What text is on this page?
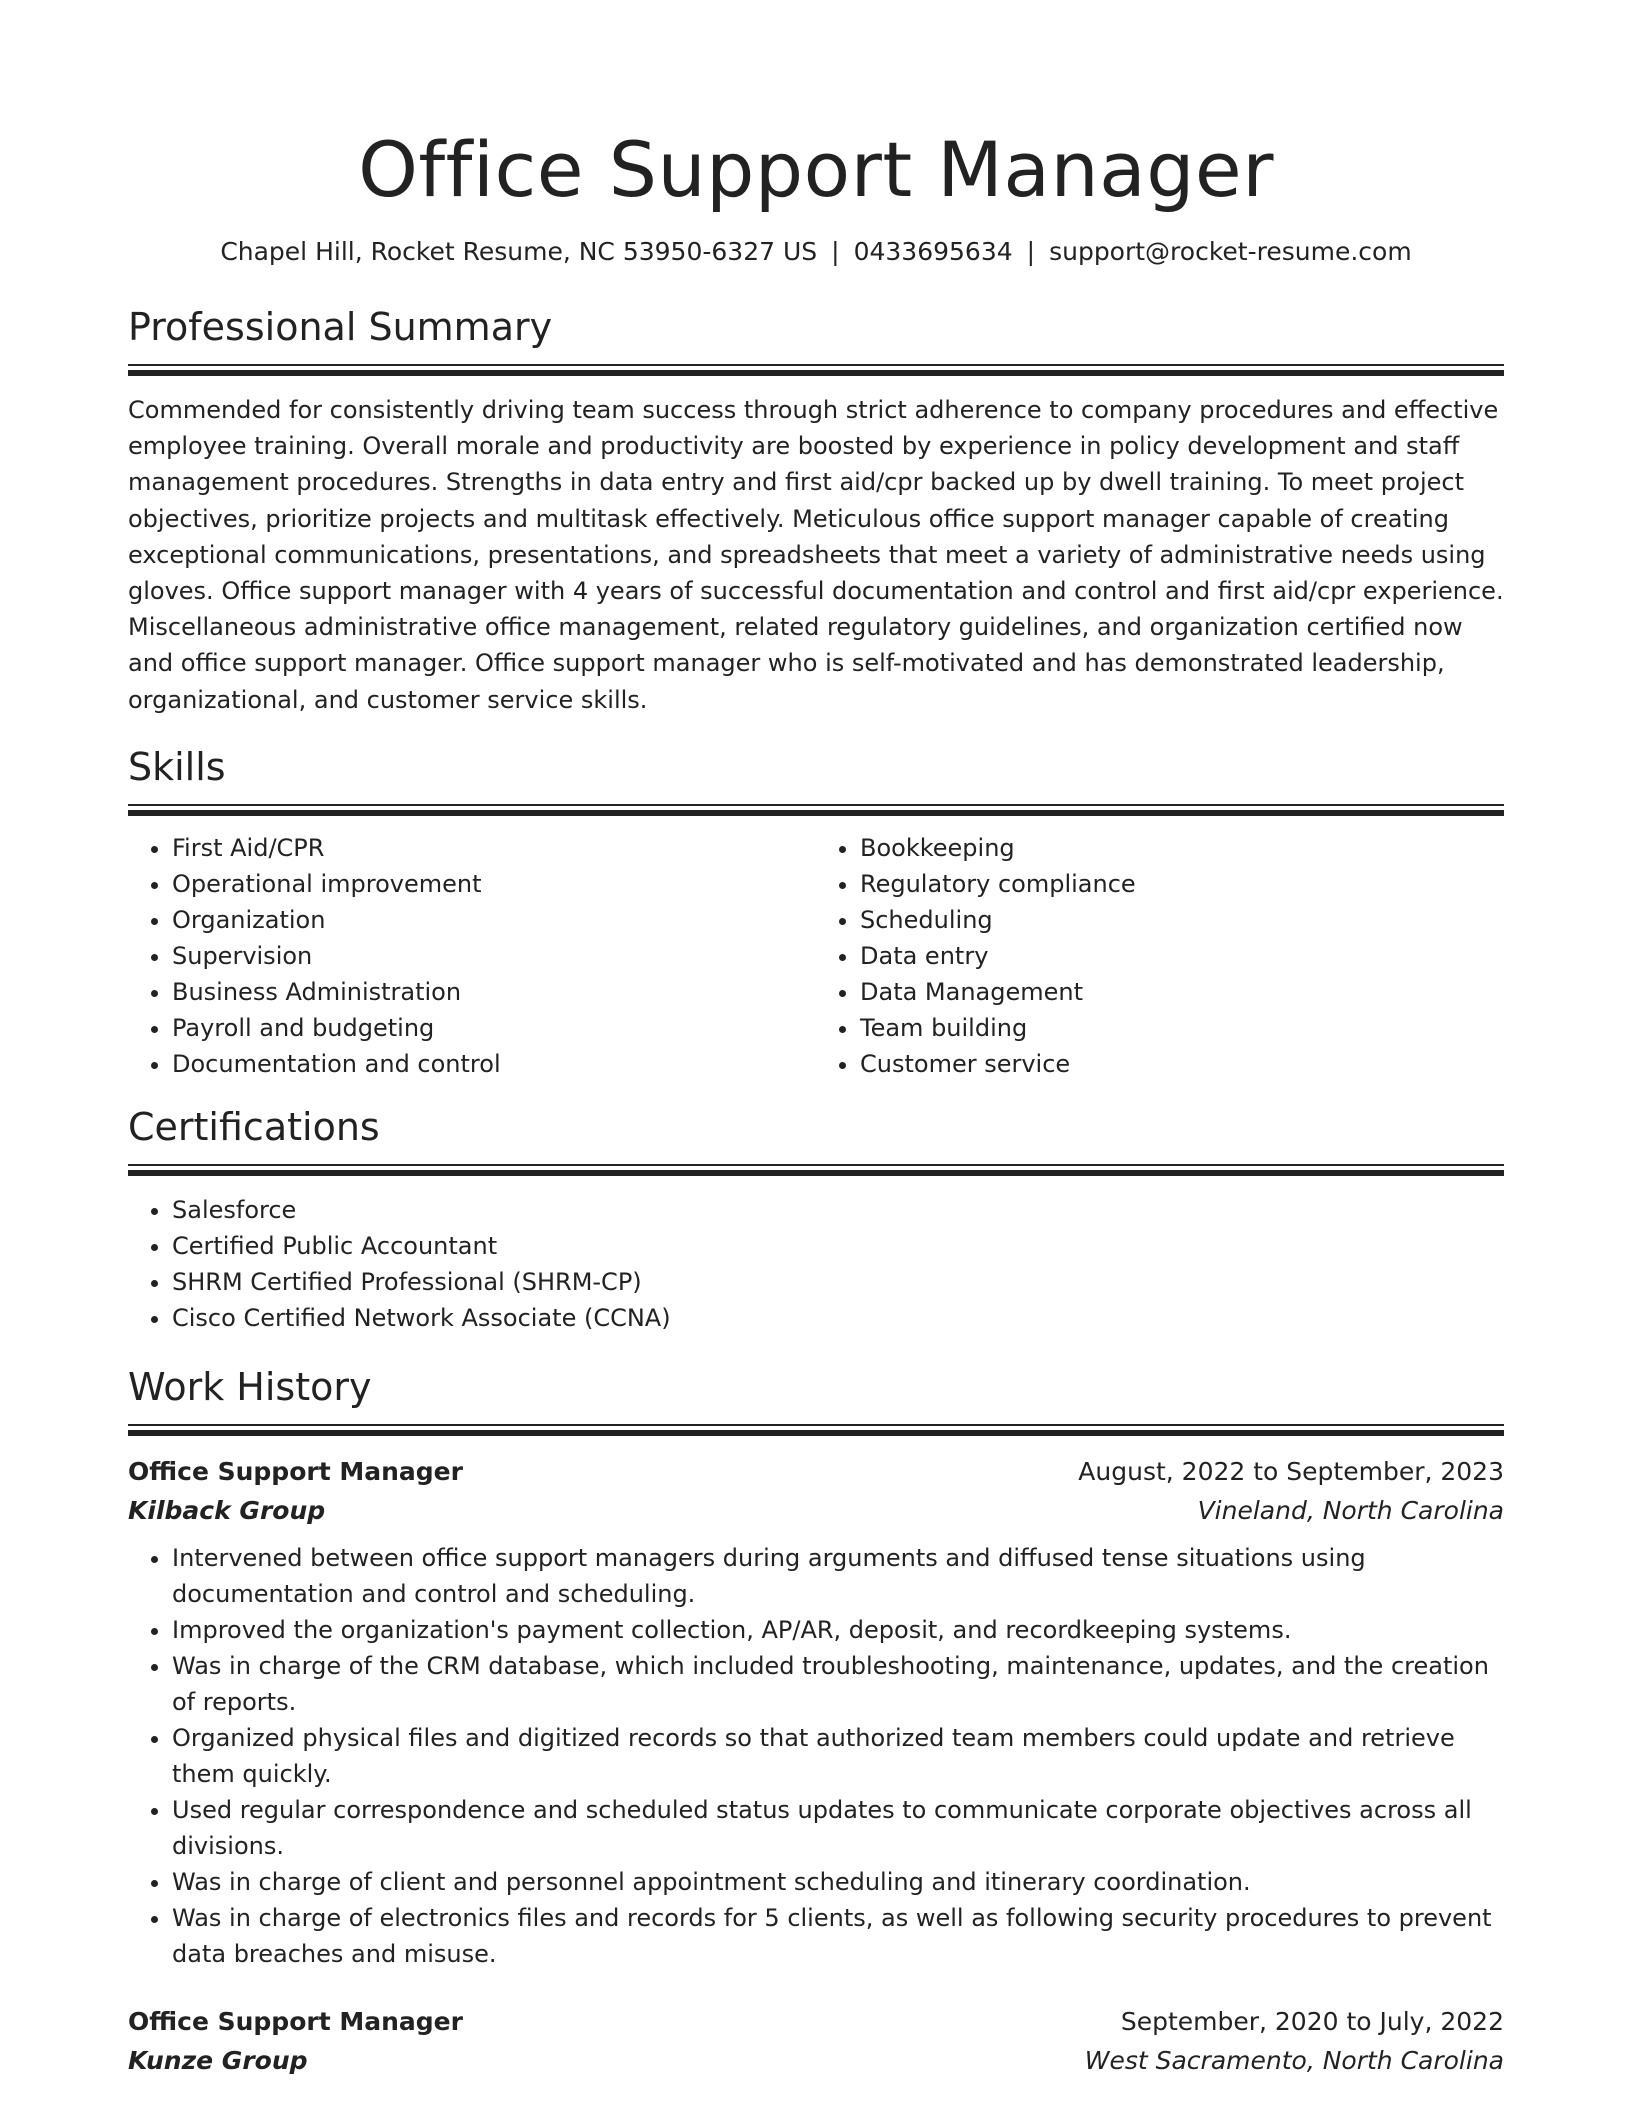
Office Support Manager
Chapel Hill, Rocket Resume, NC 53950-6327 US | 0433695634 | support@rocket-resume.com
Professional Summary

Commended for consistently driving team success through strict adherence to company procedures and effective employee training. Overall morale and productivity are boosted by experience in policy development and staff management procedures. Strengths in data entry and first aid/cpr backed up by dwell training. To meet project objectives, prioritize projects and multitask effectively. Meticulous office support manager capable of creating exceptional communications, presentations, and spreadsheets that meet a variety of administrative needs using gloves. Office support manager with 4 years of successful documentation and control and first aid/cpr experience. Miscellaneous administrative office management, related regulatory guidelines, and organization certified now and office support manager. Office support manager who is self-motivated and has demonstrated leadership, organizational, and customer service skills.

Skills
• First Aid/CPR
• Operational improvement
• Organization
• Supervision
• Business Administration
• Payroll and budgeting
• Documentation and control
• Bookkeeping
• Regulatory compliance
• Scheduling
• Data entry
• Data Management
• Team building
• Customer service
Certifications
• Salesforce
• Certified Public Accountant
• SHRM Certified Professional (SHRM-CP)
• Cisco Certified Network Associate (CCNA)
Work History
Office Support Manager	August, 2022 to September, 2023
Kilback Group	Vineland, North Carolina
• Intervened between office support managers during arguments and diffused tense situations using documentation and control and scheduling.
• Improved the organization's payment collection, AP/AR, deposit, and recordkeeping systems.
• Was in charge of the CRM database, which included troubleshooting, maintenance, updates, and the creation of reports.
• Organized physical files and digitized records so that authorized team members could update and retrieve them quickly.
• Used regular correspondence and scheduled status updates to communicate corporate objectives across all divisions.
• Was in charge of client and personnel appointment scheduling and itinerary coordination.
• Was in charge of electronics files and records for 5 clients, as well as following security procedures to prevent data breaches and misuse.
Office Support Manager	September, 2020 to July, 2022
Kunze Group	West Sacramento, North Carolina
